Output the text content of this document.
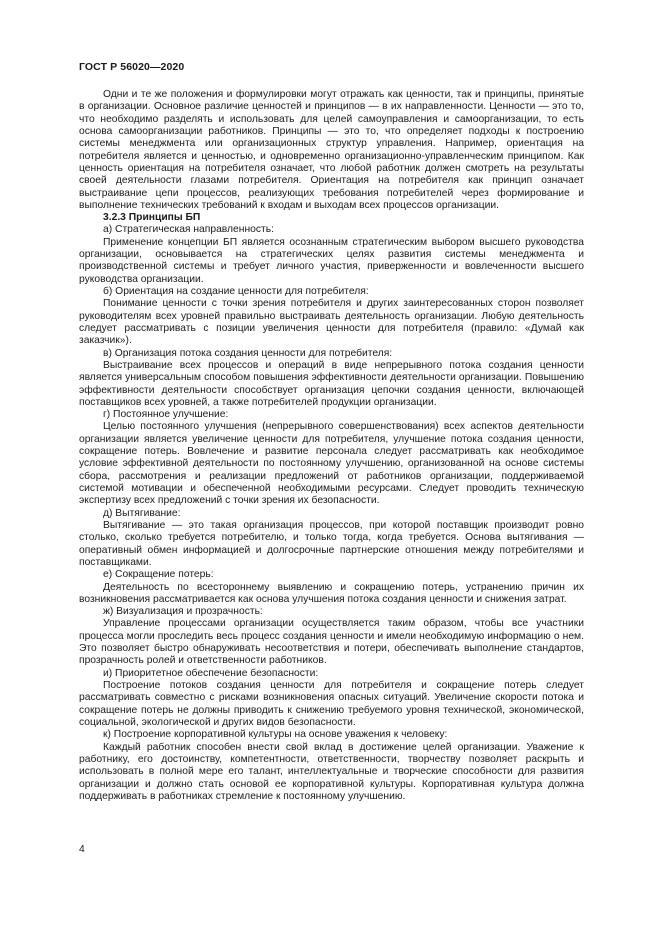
ГОСТ Р 56020—2020

Одни и те же положения и формулировки могут отражать как ценности, так и принципы, принятые в организации. Основное различие ценностей и принципов — в их направленности. Ценности — это то, что необходимо разделять и использовать для целей самоуправления и самоорганизации, то есть основа самоорганизации работников. Принципы — это то, что определяет подходы к построению системы менеджмента или организационных структур управления. Например, ориентация на потребителя является и ценностью, и одновременно организационно-управленческим принципом. Как ценность ориентация на потребителя означает, что любой работник должен смотреть на результаты своей деятельности глазами потребителя. Ориентация на потребителя как принцип означает выстраивание цепи процессов, реализующих требования потребителей через формирование и выполнение технических требований к входам и выходам всех процессов организации.

3.2.3 Принципы БП

а) Стратегическая направленность:

Применение концепции БП является осознанным стратегическим выбором высшего руководства организации, основывается на стратегических целях развития системы менеджмента и производственной системы и требует личного участия, приверженности и вовлеченности высшего руководства организации.

б) Ориентация на создание ценности для потребителя:

Понимание ценности с точки зрения потребителя и других заинтересованных сторон позволяет руководителям всех уровней правильно выстраивать деятельность организации. Любую деятельность следует рассматривать с позиции увеличения ценности для потребителя (правило: «Думай как заказчик»).

в) Организация потока создания ценности для потребителя:

Выстраивание всех процессов и операций в виде непрерывного потока создания ценности является универсальным способом повышения эффективности деятельности организации. Повышению эффективности деятельности способствует организация цепочки создания ценности, включающей поставщиков всех уровней, а также потребителей продукции организации.

г) Постоянное улучшение:

Целью постоянного улучшения (непрерывного совершенствования) всех аспектов деятельности организации является увеличение ценности для потребителя, улучшение потока создания ценности, сокращение потерь. Вовлечение и развитие персонала следует рассматривать как необходимое условие эффективной деятельности по постоянному улучшению, организованной на основе системы сбора, рассмотрения и реализации предложений от работников организации, поддерживаемой системой мотивации и обеспеченной необходимыми ресурсами. Следует проводить техническую экспертизу всех предложений с точки зрения их безопасности.

д) Вытягивание:

Вытягивание — это такая организация процессов, при которой поставщик производит ровно столько, сколько требуется потребителю, и только тогда, когда требуется. Основа вытягивания — оперативный обмен информацией и долгосрочные партнерские отношения между потребителями и поставщиками.

е) Сокращение потерь:

Деятельность по всестороннему выявлению и сокращению потерь, устранению причин их возникновения рассматривается как основа улучшения потока создания ценности и снижения затрат.

ж) Визуализация и прозрачность:

Управление процессами организации осуществляется таким образом, чтобы все участники процесса могли проследить весь процесс создания ценности и имели необходимую информацию о нем. Это позволяет быстро обнаруживать несоответствия и потери, обеспечивать выполнение стандартов, прозрачность ролей и ответственности работников.

и) Приоритетное обеспечение безопасности:

Построение потоков создания ценности для потребителя и сокращение потерь следует рассматривать совместно с рисками возникновения опасных ситуаций. Увеличение скорости потока и сокращение потерь не должны приводить к снижению требуемого уровня технической, экономической, социальной, экологической и других видов безопасности.

к) Построение корпоративной культуры на основе уважения к человеку:

Каждый работник способен внести свой вклад в достижение целей организации. Уважение к работнику, его достоинству, компетентности, ответственности, творчеству позволяет раскрыть и использовать в полной мере его талант, интеллектуальные и творческие способности для развития организации и должно стать основой ее корпоративной культуры. Корпоративная культура должна поддерживать в работниках стремление к постоянному улучшению.

4
